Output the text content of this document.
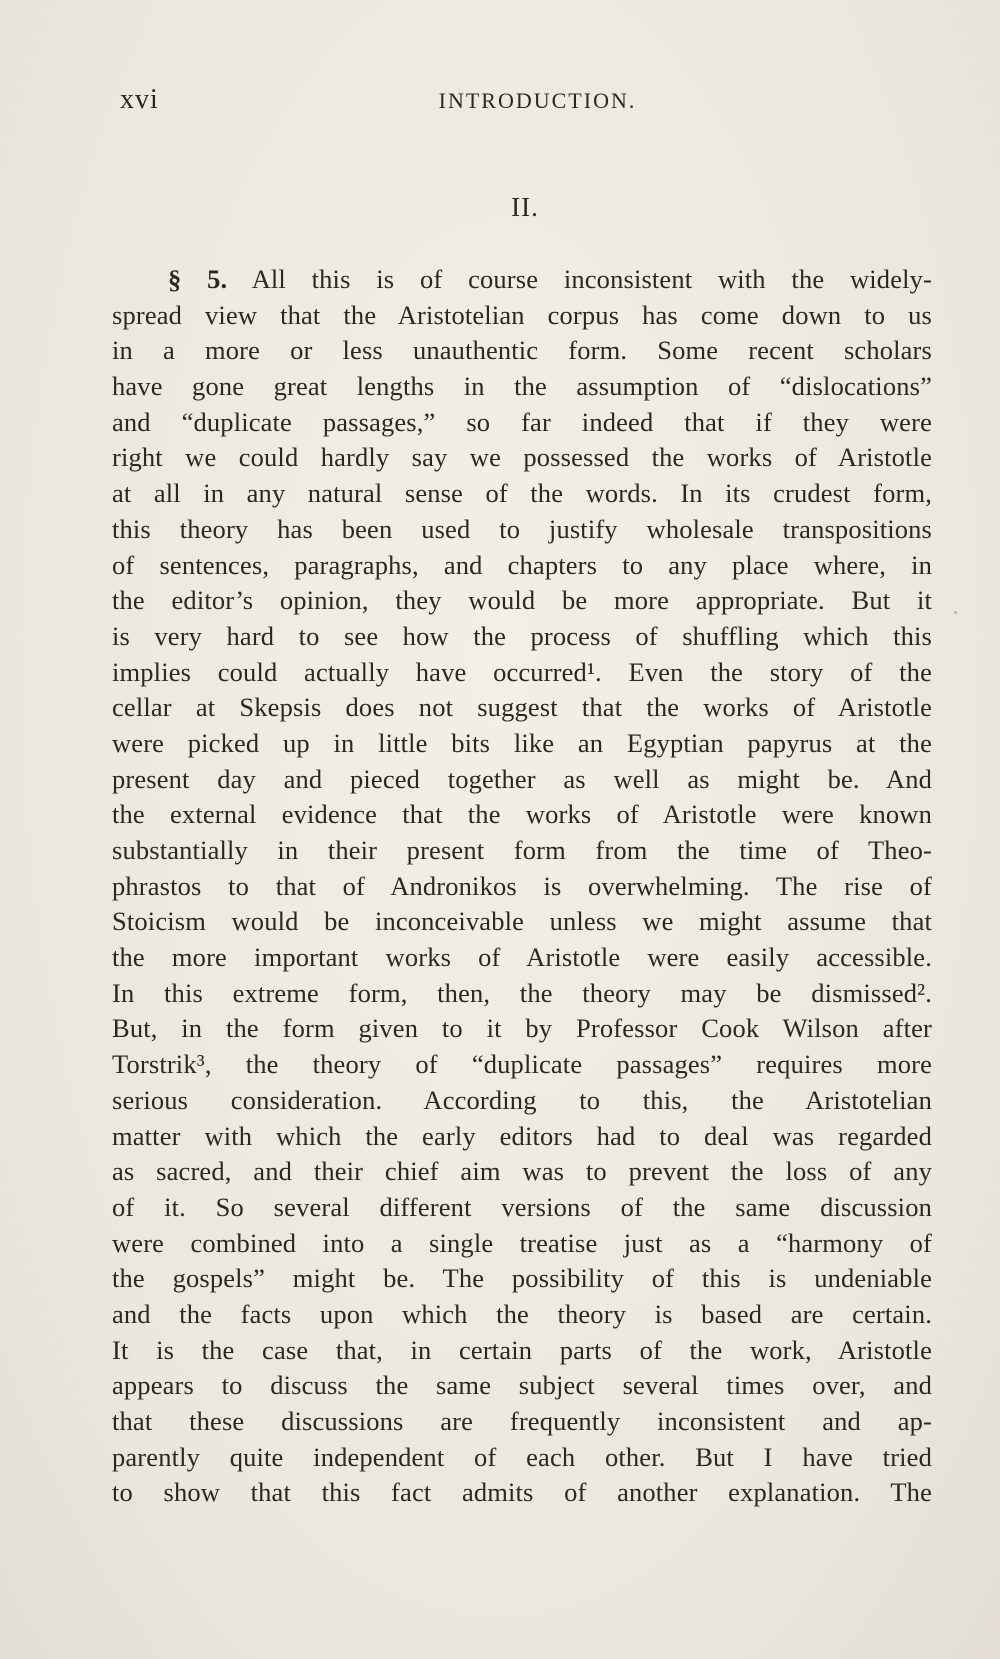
xvi	INTRODUCTION.
II.
§ 5. All this is of course inconsistent with the widely-
spread view that the Aristotelian corpus has come down to us
in a more or less unauthentic form. Some recent scholars
have gone great lengths in the assumption of “dislocations”
and “duplicate passages,” so far indeed that if they were
right we could hardly say we possessed the works of Aristotle
at all in any natural sense of the words. In its crudest form,
this theory has been used to justify wholesale transpositions
of sentences, paragraphs, and chapters to any place where, in
the editor’s opinion, they would be more appropriate. But it
is very hard to see how the process of shuffling which this
implies could actually have occurred¹. Even the story of the
cellar at Skepsis does not suggest that the works of Aristotle
were picked up in little bits like an Egyptian papyrus at the
present day and pieced together as well as might be. And
the external evidence that the works of Aristotle were known
substantially in their present form from the time of Theo-
phrastos to that of Andronikos is overwhelming. The rise of
Stoicism would be inconceivable unless we might assume that
the more important works of Aristotle were easily accessible.
In this extreme form, then, the theory may be dismissed².
But, in the form given to it by Professor Cook Wilson after
Torstrik³, the theory of “duplicate passages” requires more
serious consideration. According to this, the Aristotelian
matter with which the early editors had to deal was regarded
as sacred, and their chief aim was to prevent the loss of any
of it. So several different versions of the same discussion
were combined into a single treatise just as a “harmony of
the gospels” might be. The possibility of this is undeniable
and the facts upon which the theory is based are certain.
It is the case that, in certain parts of the work, Aristotle
appears to discuss the same subject several times over, and
that these discussions are frequently inconsistent and ap-
parently quite independent of each other. But I have tried
to show that this fact admits of another explanation. The
